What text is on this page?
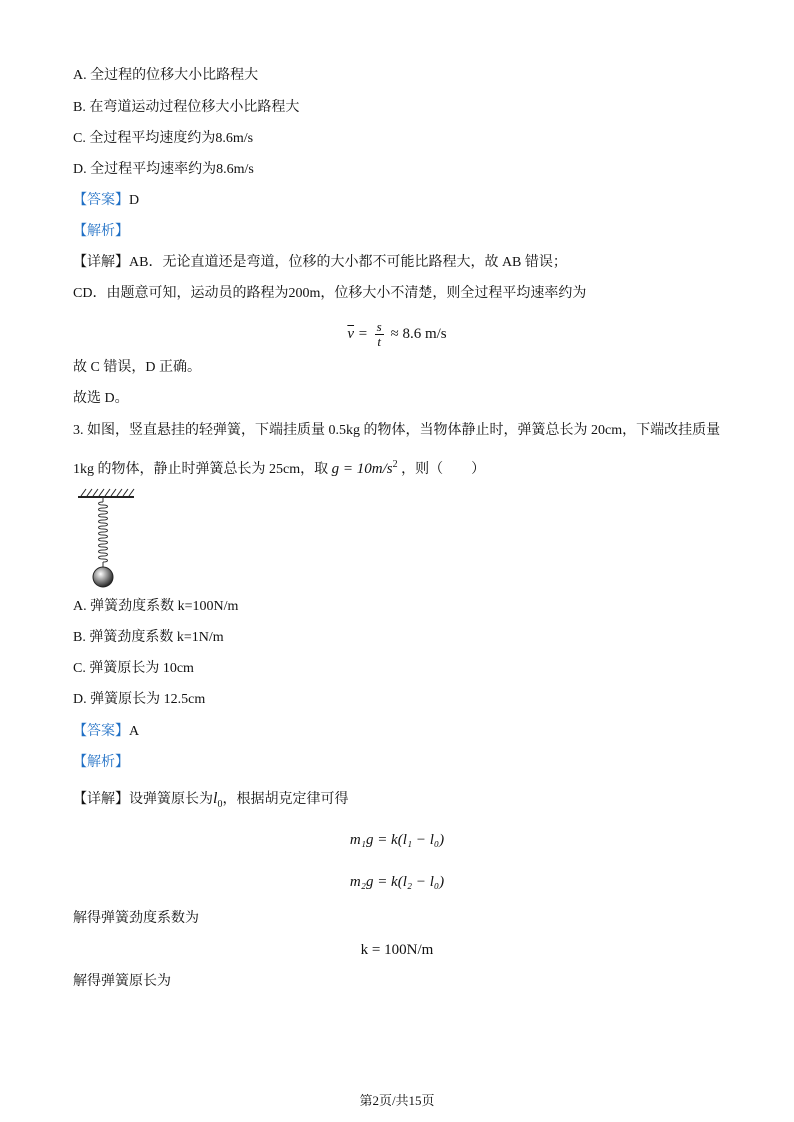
A. 全过程的位移大小比路程大
B. 在弯道运动过程位移大小比路程大
C. 全过程平均速度约为8.6m/s
D. 全过程平均速率约为8.6m/s
【答案】D
【解析】
【详解】AB．无论直道还是弯道，位移的大小都不可能比路程大，故 AB 错误；
CD．由题意可知，运动员的路程为200m，位移大小不清楚，则全过程平均速率约为
$\overline{v} = \frac{s}{t} \approx 8.6$ m/s
故 C 错误，D 正确。
故选 D。
3. 如图，竖直悬挂的轻弹簧，下端挂质量 0.5kg 的物体，当物体静止时，弹簧总长为 20cm，下端改挂质量
1kg 的物体，静止时弹簧总长为 25cm，取 $g = 10m/s^2$ ，则（　　）
A. 弹簧劲度系数 k=100N/m
B. 弹簧劲度系数 k=1N/m
C. 弹簧原长为 10cm
D. 弹簧原长为 12.5cm
【答案】A
【解析】
【详解】设弹簧原长为$l_0$，根据胡克定律可得
m₁g = k(l₁ − l₀)
m₂g = k(l₂ − l₀)
解得弹簧劲度系数为
k = 100N/m
解得弹簧原长为
第2页/共15页
